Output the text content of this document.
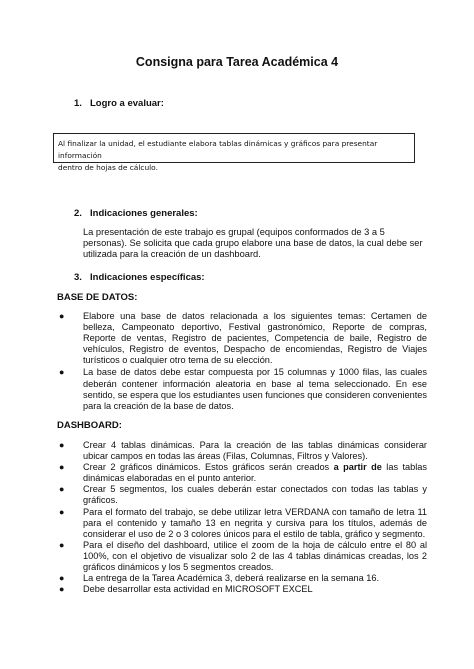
Consigna para Tarea Académica 4
1. Logro a evaluar:
Al finalizar la unidad, el estudiante elabora tablas dinámicas y gráficos para presentar información
dentro de hojas de cálculo.
2. Indicaciones generales:
La presentación de este trabajo es grupal (equipos conformados de 3 a 5 personas). Se solicita que cada grupo elabore una base de datos, la cual debe ser utilizada para la creación de un dashboard.
3. Indicaciones específicas:
BASE DE DATOS:
● Elabore una base de datos relacionada a los siguientes temas: Certamen de belleza, Campeonato deportivo, Festival gastronómico, Reporte de compras, Reporte de ventas, Registro de pacientes, Competencia de baile, Registro de vehículos, Registro de eventos, Despacho de encomiendas, Registro de Viajes turísticos o cualquier otro tema de su elección.
● La base de datos debe estar compuesta por 15 columnas y 1000 filas, las cuales deberán contener información aleatoria en base al tema seleccionado. En ese sentido, se espera que los estudiantes usen funciones que consideren convenientes para la creación de la base de datos.
DASHBOARD:
● Crear 4 tablas dinámicas. Para la creación de las tablas dinámicas considerar ubicar campos en todas las áreas (Filas, Columnas, Filtros y Valores).
● Crear 2 gráficos dinámicos. Estos gráficos serán creados a partir de las tablas dinámicas elaboradas en el punto anterior.
● Crear 5 segmentos, los cuales deberán estar conectados con todas las tablas y gráficos.
● Para el formato del trabajo, se debe utilizar letra VERDANA con tamaño de letra 11 para el contenido y tamaño 13 en negrita y cursiva para los títulos, además de considerar el uso de 2 o 3 colores únicos para el estilo de tabla, gráfico y segmento.
● Para el diseño del dashboard, utilice el zoom de la hoja de cálculo entre el 80 al 100%, con el objetivo de visualizar solo 2 de las 4 tablas dinámicas creadas, los 2 gráficos dinámicos y los 5 segmentos creados.
● La entrega de la Tarea Académica 3, deberá realizarse en la semana 16.
● Debe desarrollar esta actividad en MICROSOFT EXCEL
